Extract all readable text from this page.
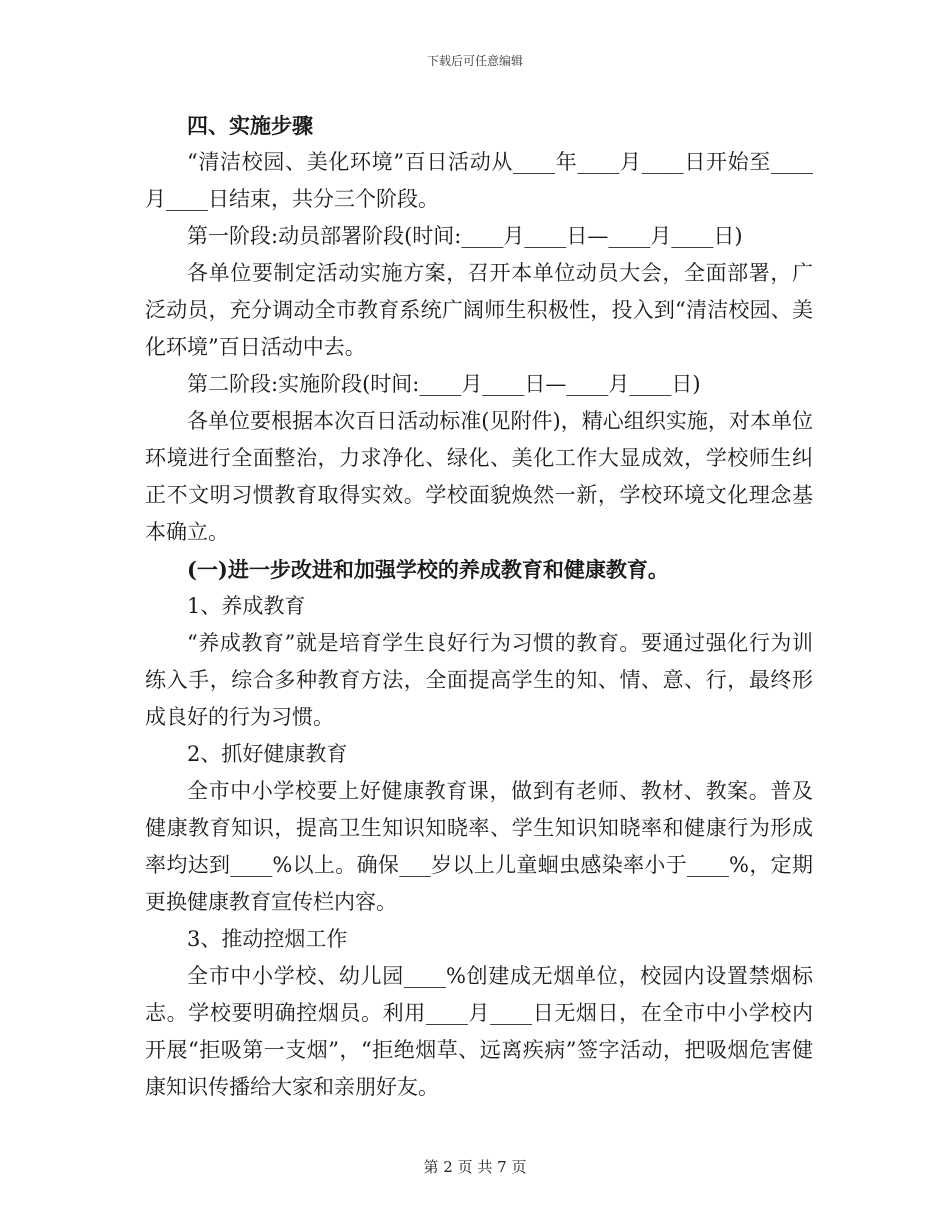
下载后可任意编辑

四、实施步骤

“清洁校园、美化环境”百日活动从____年____月____日开始至____月____日结束，共分三个阶段。

第一阶段:动员部署阶段(时间:____月____日—____月____日)

各单位要制定活动实施方案，召开本单位动员大会，全面部署，广泛动员，充分调动全市教育系统广阔师生积极性，投入到“清洁校园、美化环境”百日活动中去。

第二阶段:实施阶段(时间:____月____日—____月____日)

各单位要根据本次百日活动标准(见附件)，精心组织实施，对本单位环境进行全面整治，力求净化、绿化、美化工作大显成效，学校师生纠正不文明习惯教育取得实效。学校面貌焕然一新，学校环境文化理念基本确立。

(一)进一步改进和加强学校的养成教育和健康教育。

1、养成教育

“养成教育”就是培育学生良好行为习惯的教育。要通过强化行为训练入手，综合多种教育方法，全面提高学生的知、情、意、行，最终形成良好的行为习惯。

2、抓好健康教育

全市中小学校要上好健康教育课，做到有老师、教材、教案。普及健康教育知识，提高卫生知识知晓率、学生知识知晓率和健康行为形成率均达到____%以上。确保___岁以上儿童蛔虫感染率小于____%，定期更换健康教育宣传栏内容。

3、推动控烟工作

全市中小学校、幼儿园____%创建成无烟单位，校园内设置禁烟标志。学校要明确控烟员。利用____月____日无烟日，在全市中小学校内开展“拒吸第一支烟”，“拒绝烟草、远离疾病”签字活动，把吸烟危害健康知识传播给大家和亲朋好友。

第 2 页 共 7 页
